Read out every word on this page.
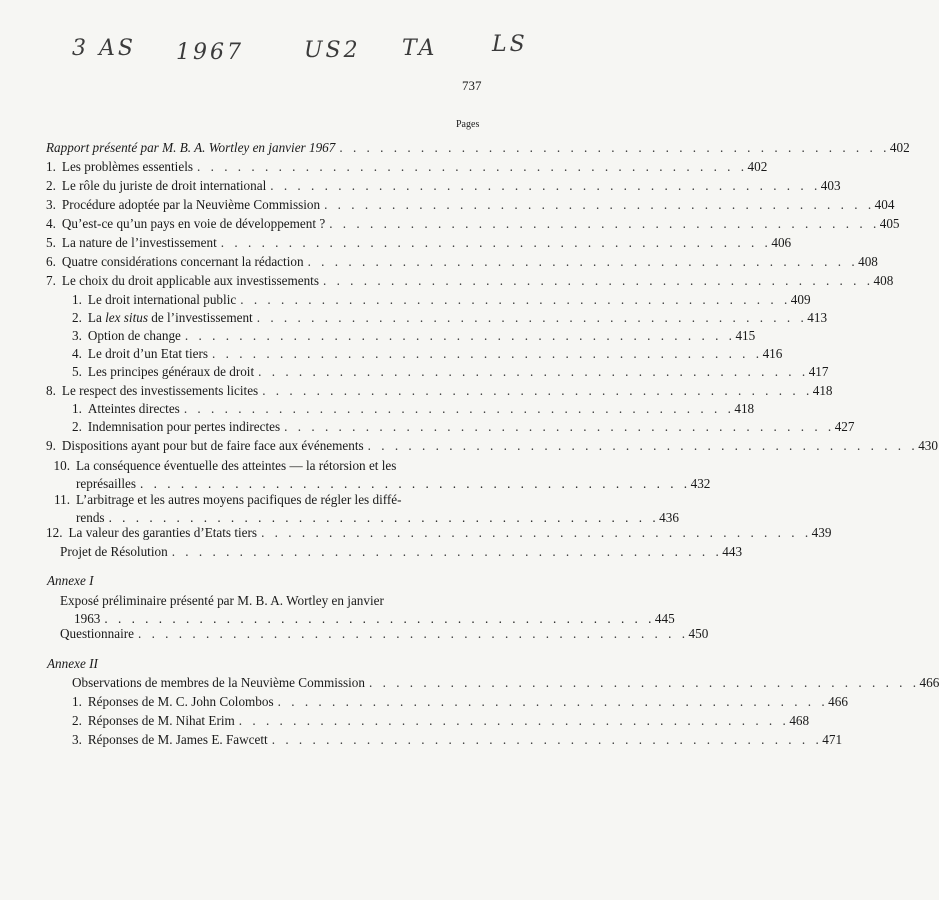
3 AS 1967	US2 TA LS
737
Pages
Rapport présenté par M. B. A. Wortley en janvier 1967 . . . . . . . . . . . . . . . . . . . . . . . . . . . . . . . . . . . . . . . . . 402
1. Les problèmes essentiels . . . . . . . . . . . . . . . . . . . . . . . . . . . . . . . . . . . . . . . . . 402
2. Le rôle du juriste de droit international . . . . . . . . . . . . . . . . . . . . . . . . . . . . . . . . . . . . . . . . . 403
3. Procédure adoptée par la Neuvième Commission . . . . . . . . . . . . . . . . . . . . . . . . . . . . . . . . . . . . . . . . . 404
4. Qu’est-ce qu’un pays en voie de développement ? . . . . . . . . . . . . . . . . . . . . . . . . . . . . . . . . . . . . . . . . . 405
5. La nature de l’investissement . . . . . . . . . . . . . . . . . . . . . . . . . . . . . . . . . . . . . . . . . 406
6. Quatre considérations concernant la rédaction . . . . . . . . . . . . . . . . . . . . . . . . . . . . . . . . . . . . . . . . . 408
7. Le choix du droit applicable aux investissements . . . . . . . . . . . . . . . . . . . . . . . . . . . . . . . . . . . . . . . . . 408
1. Le droit international public . . . . . . . . . . . . . . . . . . . . . . . . . . . . . . . . . . . . . . . . . 409
2. La lex situs de l’investissement . . . . . . . . . . . . . . . . . . . . . . . . . . . . . . . . . . . . . . . . . 413
3. Option de change . . . . . . . . . . . . . . . . . . . . . . . . . . . . . . . . . . . . . . . . . 415
4. Le droit d’un Etat tiers . . . . . . . . . . . . . . . . . . . . . . . . . . . . . . . . . . . . . . . . . 416
5. Les principes généraux de droit . . . . . . . . . . . . . . . . . . . . . . . . . . . . . . . . . . . . . . . . . 417
8. Le respect des investissements licites . . . . . . . . . . . . . . . . . . . . . . . . . . . . . . . . . . . . . . . . . 418
1. Atteintes directes . . . . . . . . . . . . . . . . . . . . . . . . . . . . . . . . . . . . . . . . . 418
2. Indemnisation pour pertes indirectes . . . . . . . . . . . . . . . . . . . . . . . . . . . . . . . . . . . . . . . . . 427
9. Dispositions ayant pour but de faire face aux événements . . . . . . . . . . . . . . . . . . . . . . . . . . . . . . . . . . . . . . . . . 430
10. La conséquence éventuelle des atteintes — la rétorsion et les
représailles . . . . . . . . . . . . . . . . . . . . . . . . . . . . . . . . . . . . . . . . . 432
11. L’arbitrage et les autres moyens pacifiques de régler les diffé-
rends . . . . . . . . . . . . . . . . . . . . . . . . . . . . . . . . . . . . . . . . . 436
12. La valeur des garanties d’Etats tiers . . . . . . . . . . . . . . . . . . . . . . . . . . . . . . . . . . . . . . . . . 439
Projet de Résolution . . . . . . . . . . . . . . . . . . . . . . . . . . . . . . . . . . . . . . . . . 443
Annexe I
Exposé préliminaire présenté par M. B. A. Wortley en janvier
1963 . . . . . . . . . . . . . . . . . . . . . . . . . . . . . . . . . . . . . . . . . 445
Questionnaire . . . . . . . . . . . . . . . . . . . . . . . . . . . . . . . . . . . . . . . . . 450
Annexe II
Observations de membres de la Neuvième Commission . . . . . . . . . . . . . . . . . . . . . . . . . . . . . . . . . . . . . . . . . 466
1. Réponses de M. C. John Colombos . . . . . . . . . . . . . . . . . . . . . . . . . . . . . . . . . . . . . . . . . 466
2. Réponses de M. Nihat Erim . . . . . . . . . . . . . . . . . . . . . . . . . . . . . . . . . . . . . . . . . 468
3. Réponses de M. James E. Fawcett . . . . . . . . . . . . . . . . . . . . . . . . . . . . . . . . . . . . . . . . . 471
